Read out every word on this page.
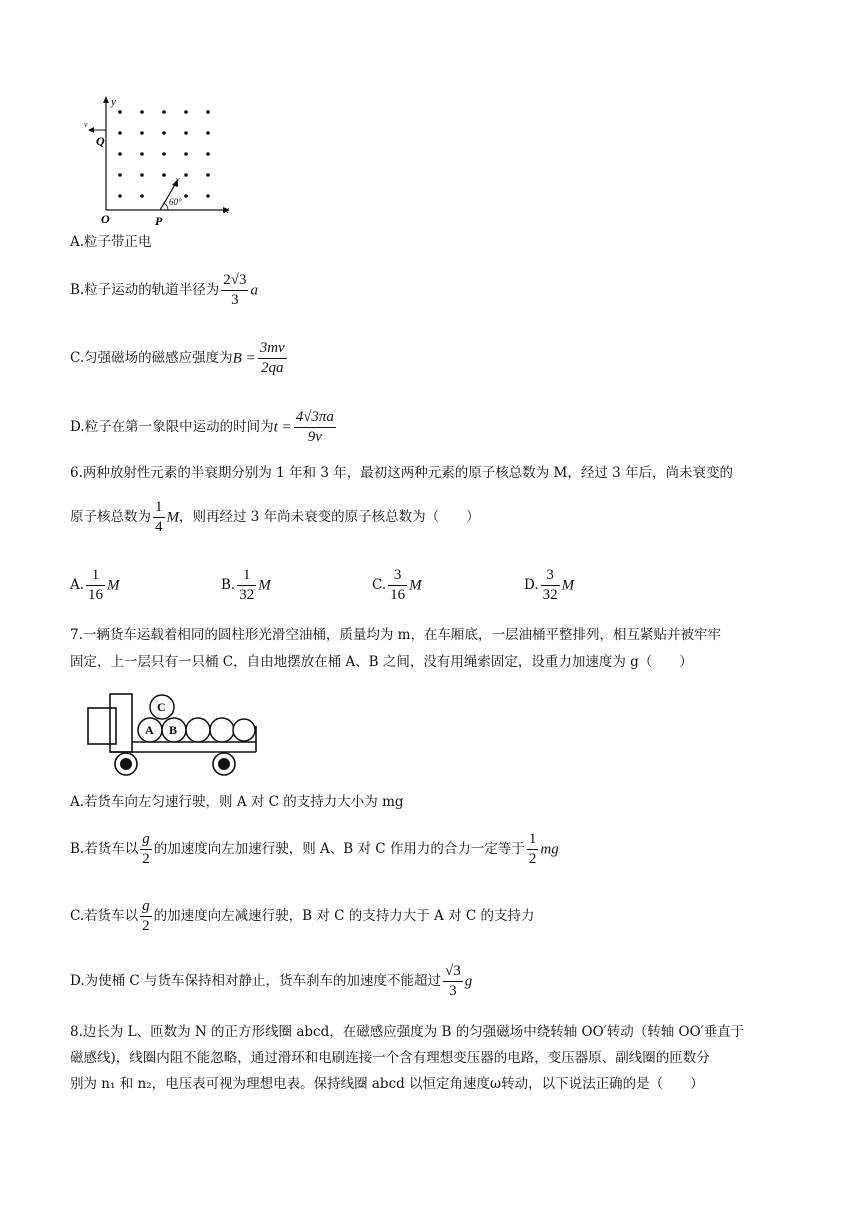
y
x
O
Q
P
v
v
60°
A.粒子带正电
B.粒子运动的轨道半径为 $\frac{2√3}{3}$ a
C.匀强磁场的磁感应强度为$B = \frac{3mv}{2qa}$
D.粒子在第一象限中运动的时间为$t = \frac{4√3\pi a}{9v}$
6.两种放射性元素的半衰期分别为 1 年和 3 年，最初这两种元素的原子核总数为 M，经过 3 年后，尚未衰变的
原子核总数为 $\frac{1}{4}$ M，则再经过 3 年尚未衰变的原子核总数为（　　）
A. $\frac{1}{16}$ M	B. $\frac{1}{32}$ M	C. $\frac{3}{16}$ M	D. $\frac{3}{32}$ M
7.一辆货车运载着相同的圆柱形光滑空油桶，质量均为 m，在车厢底，一层油桶平整排列，相互紧贴并被牢牢
固定，上一层只有一只桶 C，自由地摆放在桶 A、B 之间，没有用绳索固定，设重力加速度为 g（　　）
A B
C
A.若货车向左匀速行驶，则 A 对 C 的支持力大小为 mg
B.若货车以 $\frac{g}{2}$ 的加速度向左加速行驶，则 A、B 对 C 作用力的合力一定等于 $\frac{1}{2}$ mg
C.若货车以 $\frac{g}{2}$ 的加速度向左减速行驶，B 对 C 的支持力大于 A 对 C 的支持力
D.为使桶 C 与货车保持相对静止，货车刹车的加速度不能超过 $\frac{√3}{3}$ g
8.边长为 L、匝数为 N 的正方形线圈 abcd，在磁感应强度为 B 的匀强磁场中绕转轴 OO′转动（转轴 OO′垂直于
磁感线)，线圈内阻不能忽略，通过滑环和电刷连接一个含有理想变压器的电路，变压器原、副线圈的匝数分
别为 n₁ 和 n₂，电压表可视为理想电表。保持线圈 abcd 以恒定角速度ω转动，以下说法正确的是（　　）
